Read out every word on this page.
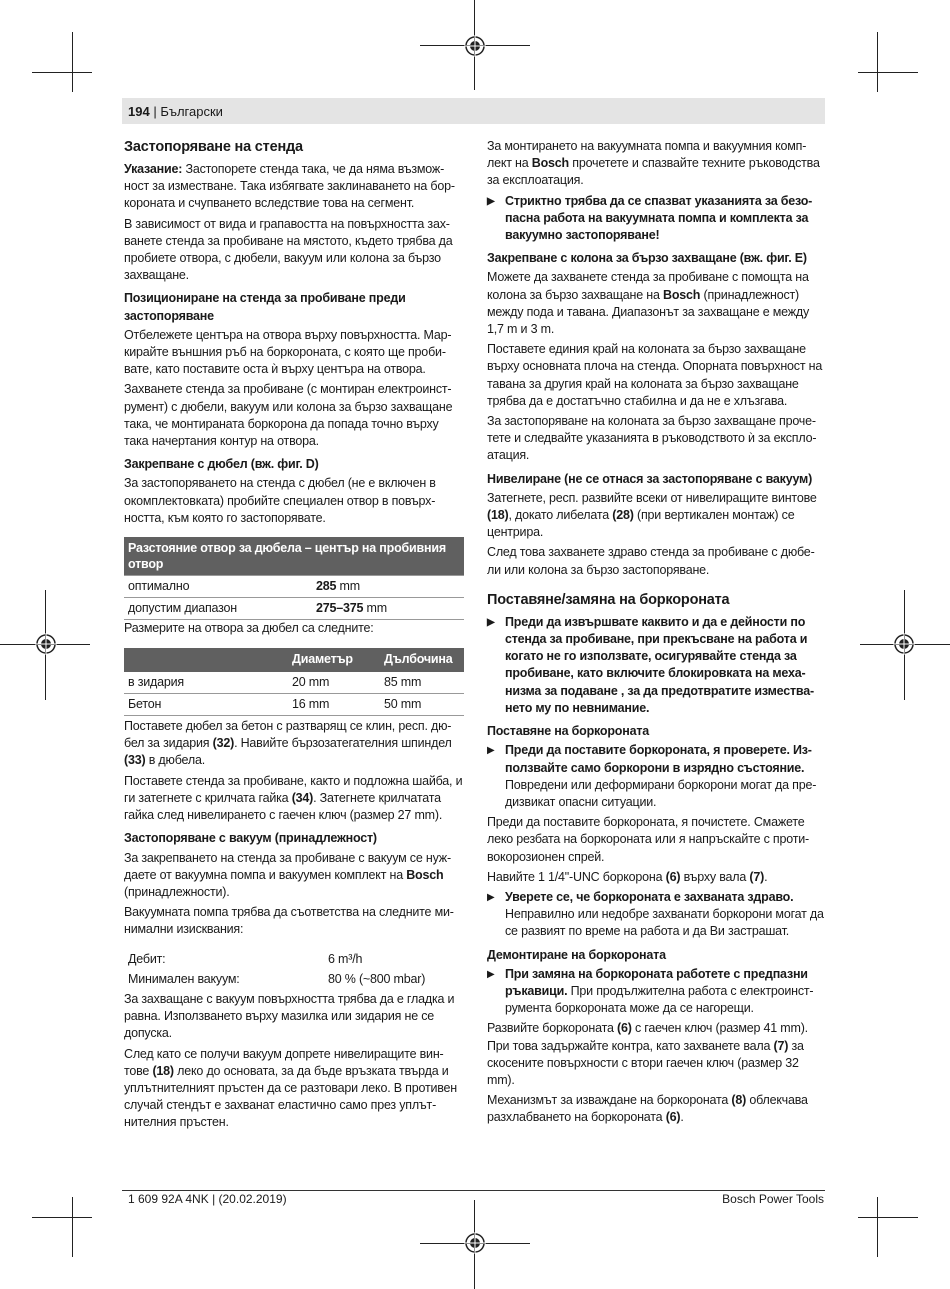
194 | Български
Застопоряване на стенда

Указание: Застопорете стенда така, че да няма възможност за изместване. Така избягвате заклинаването на боркороната и счупването вследствие това на сегмент.

В зависимост от вида и грапавостта на повърхността захванете стенда за пробиване на мястото, където трябва да пробиете отвора, с дюбели, вакуум или колона за бързо захващане.

Позициониране на стенда за пробиване преди застопоряване

Отбележете центъра на отвора върху повърхността. Маркирайте външния ръб на боркороната, с която ще пробивате, като поставите оста ѝ върху центъра на отвора.

Захванете стенда за пробиване (с монтиран електроинструмент) с дюбели, вакуум или колона за бързо захващане така, че монтираната боркорона да попада точно върху така начертания контур на отвора.

Закрепване с дюбел (вж. фиг. D)

За застопоряването на стенда с дюбел (не е включен в окомплектовката) пробийте специален отвор в повърхността, към която го застопорявате.

Разстояние отвор за дюбела – център на пробивния отвор	
оптимално	285 mm
допустим диапазон	275–375 mm

Размерите на отвора за дюбел са следните:

	Диаметър	Дълбочина
в зидария	20 mm	85 mm
Бетон	16 mm	50 mm

Поставете дюбел за бетон с разтварящ се клин, респ. дюбел за зидария (32). Навийте бързозатегателния шпиндел (33) в дюбела.

Поставете стенда за пробиване, както и подложна шайба, и ги затегнете с крилчата гайка (34). Затегнете крилчатата гайка след нивелирането с гаечен ключ (размер 27 mm).

Застопоряване с вакуум (принадлежност)

За закрепването на стенда за пробиване с вакуум се нуждаете от вакуумна помпа и вакуумен комплект на Bosch (принадлежности).

Вакуумната помпа трябва да съответства на следните минимални изисквания:

Дебит:	6 m³/h
Минимален вакуум:	80 % (~800 mbar)

За захващане с вакуум повърхността трябва да е гладка и равна. Използването върху мазилка или зидария не се допуска.

След като се получи вакуум допрете нивелиращите винтове (18) леко до основата, за да бъде връзката твърда и уплътнителният пръстен да се разтовари леко. В противен случай стендът е захванат еластично само през уплътнителния пръстен.

За монтирането на вакуумната помпа и вакуумния комплект на Bosch прочетете и спазвайте техните ръководства за експлоатация.

▶ Стриктно трябва да се спазват указанията за безопасна работа на вакуумната помпа и комплекта за вакуумно застопоряване!
Закрепване с колона за бързо захващане (вж. фиг. E)

Можете да захванете стенда за пробиване с помощта на колона за бързо захващане на Bosch (принадлежност) между пода и тавана. Диапазонът за захващане е между 1,7 m и 3 m.

Поставете единия край на колоната за бързо захващане върху основната плоча на стенда. Опорната повърхност на тавана за другия край на колоната за бързо захващане трябва да е достатъчно стабилна и да не е хлъзгава.

За застопоряване на колоната за бързо захващане прочетете и следвайте указанията в ръководството ѝ за експлоатация.

Нивелиране (не се отнася за застопоряване с вакуум)

Затегнете, респ. развийте всеки от нивелиращите винтове (18), докато либелата (28) (при вертикален монтаж) се центрира.

След това захванете здраво стенда за пробиване с дюбели или колона за бързо застопоряване.

Поставяне/замяна на боркороната
▶ Преди да извършвате каквито и да е дейности по стенда за пробиване, при прекъсване на работа и когато не го използвате, осигурявайте стенда за пробиване, като включите блокировката на механизма за подаване , за да предотвратите изместването му по невнимание.
Поставяне на боркороната
▶ Преди да поставите боркороната, я проверете. Използвайте само боркорони в изрядно състояние.
Повредени или деформирани боркорони могат да предизвикат опасни ситуации.

Преди да поставите боркороната, я почистете. Смажете леко резбата на боркороната или я напръскайте с противокорозионен спрей.

Навийте 1 1/4"-UNC боркорона (6) върху вала (7).

▶ Уверете се, че боркороната е захваната здраво.
Неправилно или недобре захванати боркорони могат да се развият по време на работа и да Ви застрашат.
Демонтиране на боркороната
▶ При замяна на боркороната работете с предпазни ръкавици. При продължителна работа с електроинструмента боркороната може да се нагорещи.

Развийте боркороната (6) с гаечен ключ (размер 41 mm). При това задържайте контра, като захванете вала (7) за скосените повърхности с втори гаечен ключ (размер 32 mm).

Механизмът за изваждане на боркороната (8) облекчава разхлабването на боркороната (6).

1 609 92A 4NK | (20.02.2019)	Bosch Power Tools
